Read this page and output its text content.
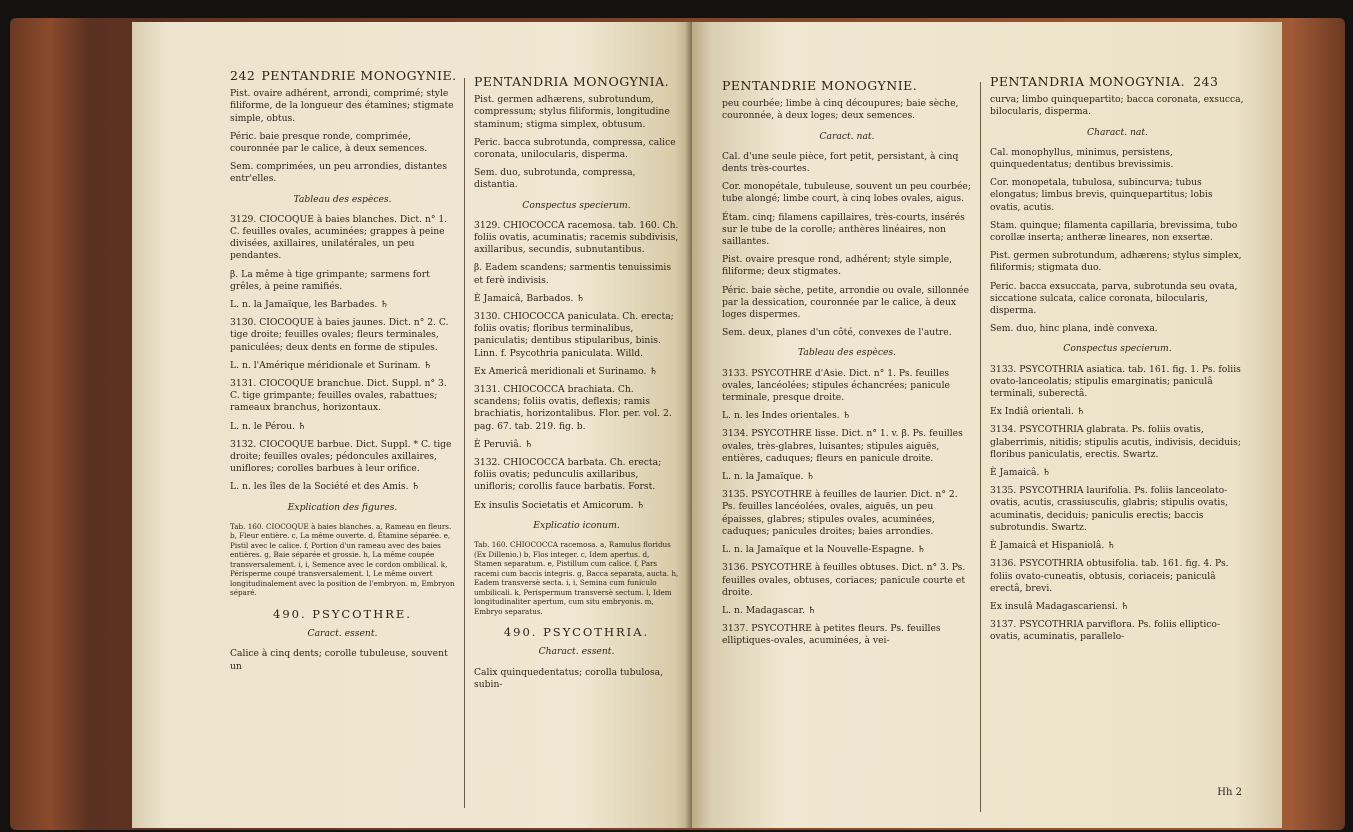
242 PENTANDRIE MONOGYNIE.

Pist. ovaire adhérent, arrondi, comprimé; style filiforme, de la longueur des étamines; stigmate simple, obtus.

Péric. baie presque ronde, comprimée, couronnée par le calice, à deux semences.

Sem. comprimées, un peu arrondies, distantes entr'elles.

Tableau des espèces.

3129. CIOCOQUE à baies blanches. Dict. n° 1. C. feuilles ovales, acuminées; grappes à peine divisées, axillaires, unilatérales, un peu pendantes.

β. La même à tige grimpante; sarmens fort grêles, à peine ramifiés.

L. n. la Jamaïque, les Barbades. ♄

3130. CIOCOQUE à baies jaunes. Dict. n° 2. C. tige droite; feuilles ovales; fleurs terminales, paniculées; deux dents en forme de stipules.

L. n. l'Amérique méridionale et Surinam. ♄

3131. CIOCOQUE branchue. Dict. Suppl. n° 3. C. tige grimpante; feuilles ovales, rabattues; rameaux branchus, horizontaux.

L. n. le Pérou. ♄

3132. CIOCOQUE barbue. Dict. Suppl. * C. tige droite; feuilles ovales; pédoncules axillaires, uniflores; corolles barbues à leur orifice.

L. n. les îles de la Société et des Amis. ♄

Explication des figures.

Tab. 160. CIOCOQUE à baies blanches. a, Rameau en fleurs. b, Fleur entière. c, La même ouverte. d, Étamine séparée. e, Pistil avec le calice. f, Portion d'un rameau avec des baies entières. g, Baie séparée et grossie. h, La même coupée transversalement. i, i, Semence avec le cordon ombilical. k, Périsperme coupé transversalement. l, Le même ouvert longitudinalement avec la position de l'embryon. m, Embryon séparé.

490. PSYCOTHRE.
Caract. essent.

Calice à cinq dents; corolle tubuleuse, souvent un

PENTANDRIA MONOGYNIA.

Pist. germen adhærens, subrotundum, compressum; stylus filiformis, longitudine staminum; stigma simplex, obtusum.

Peric. bacca subrotunda, compressa, calice coronata, unilocularis, disperma.

Sem. duo, subrotunda, compressa, distantia.

Conspectus specierum.

3129. CHIOCOCCA racemosa. tab. 160. Ch. foliis ovatis, acuminatis; racemis subdivisis, axillaribus, secundis, subnutantibus.

β. Eadem scandens; sarmentis tenuissimis et ferè indivisis.

È Jamaicâ, Barbados. ♄

3130. CHIOCOCCA paniculata. Ch. erecta; foliis ovatis; floribus terminalibus, paniculatis; dentibus stipularibus, binis. Linn. f. Psycothria paniculata. Willd.

Ex Americâ meridionali et Surinamo. ♄

3131. CHIOCOCCA brachiata. Ch. scandens; foliis ovatis, deflexis; ramis brachiatis, horizontalibus. Flor. per. vol. 2. pag. 67. tab. 219. fig. b.

È Peruviâ. ♄

3132. CHIOCOCCA barbata. Ch. erecta; foliis ovatis; pedunculis axillaribus, unifloris; corollis fauce barbatis. Forst.

Ex insulis Societatis et Amicorum. ♄

Explicatio iconum.

Tab. 160. CHIOCOCCA racemosa. a, Ramulus floridus (Ex Dillenio.) b, Flos integer. c, Idem apertus. d, Stamen separatum. e, Pistillum cum calice. f, Pars racemi cum baccis integris. g, Bacca separata, aucta. h, Eadem transversè secta. i, i, Semina cum funiculo umbilicali. k, Perispermum transversè sectum. l, Idem longitudinaliter apertum, cum situ embryonis. m, Embryo separatus.

490. PSYCOTHRIA.
Charact. essent.

Calix quinquedentatus; corolla tubulosa, subin-

PENTANDRIE MONOGYNIE.

peu courbée; limbe à cinq découpures; baie sèche, couronnée, à deux loges; deux semences.

Caract. nat.

Cal. d'une seule pièce, fort petit, persistant, à cinq dents très-courtes.

Cor. monopétale, tubuleuse, souvent un peu courbée; tube alongé; limbe court, à cinq lobes ovales, aigus.

Étam. cinq; filamens capillaires, très-courts, insérés sur le tube de la corolle; anthères linéaires, non saillantes.

Pist. ovaire presque rond, adhérent; style simple, filiforme; deux stigmates.

Péric. baie sèche, petite, arrondie ou ovale, sillonnée par la dessication, couronnée par le calice, à deux loges dispermes.

Sem. deux, planes d'un côté, convexes de l'autre.

Tableau des espèces.

3133. PSYCOTHRE d'Asie. Dict. n° 1. Ps. feuilles ovales, lancéolées; stipules échancrées; panicule terminale, presque droite.

L. n. les Indes orientales. ♄

3134. PSYCOTHRE lisse. Dict. n° 1. v. β. Ps. feuilles ovales, très-glabres, luisantes; stipules aiguës, entières, caduques; fleurs en panicule droite.

L. n. la Jamaïque. ♄

3135. PSYCOTHRE à feuilles de laurier. Dict. n° 2. Ps. feuilles lancéolées, ovales, aiguës, un peu épaisses, glabres; stipules ovales, acuminées, caduques; panicules droites; baies arrondies.

L. n. la Jamaïque et la Nouvelle-Espagne. ♄

3136. PSYCOTHRE à feuilles obtuses. Dict. n° 3. Ps. feuilles ovales, obtuses, coriaces; panicule courte et droite.

L. n. Madagascar. ♄

3137. PSYCOTHRE à petites fleurs. Ps. feuilles elliptiques-ovales, acuminées, à vei-

PENTANDRIA MONOGYNIA. 243

curva; limbo quinquepartito; bacca coronata, exsucca, bilocularis, disperma.

Charact. nat.

Cal. monophyllus, minimus, persistens, quinquedentatus; dentibus brevissimis.

Cor. monopetala, tubulosa, subincurva; tubus elongatus; limbus brevis, quinquepartitus; lobis ovatis, acutis.

Stam. quinque; filamenta capillaria, brevissima, tubo corollæ inserta; antheræ lineares, non exsertæ.

Pist. germen subrotundum, adhærens; stylus simplex, filiformis; stigmata duo.

Peric. bacca exsuccata, parva, subrotunda seu ovata, siccatione sulcata, calice coronata, bilocularis, disperma.

Sem. duo, hinc plana, indè convexa.

Conspectus specierum.

3133. PSYCOTHRIA asiatica. tab. 161. fig. 1. Ps. foliis ovato-lanceolatis; stipulis emarginatis; paniculâ terminali, suberectâ.

Ex Indiâ orientali. ♄

3134. PSYCOTHRIA glabrata. Ps. foliis ovatis, glaberrimis, nitidis; stipulis acutis, indivisis, deciduis; floribus paniculatis, erectis. Swartz.

È Jamaicâ. ♄

3135. PSYCOTHRIA laurifolia. Ps. foliis lanceolato-ovatis, acutis, crassiusculis, glabris; stipulis ovatis, acuminatis, deciduis; paniculis erectis; baccis subrotundis. Swartz.

È Jamaicâ et Hispaniolâ. ♄

3136. PSYCOTHRIA obtusifolia. tab. 161. fig. 4. Ps. foliis ovato-cuneatis, obtusis, coriaceis; paniculâ erectâ, brevi.

Ex insulâ Madagascariensi. ♄

3137. PSYCOTHRIA parviflora. Ps. foliis elliptico-ovatis, acuminatis, parallelo-

Hh 2
